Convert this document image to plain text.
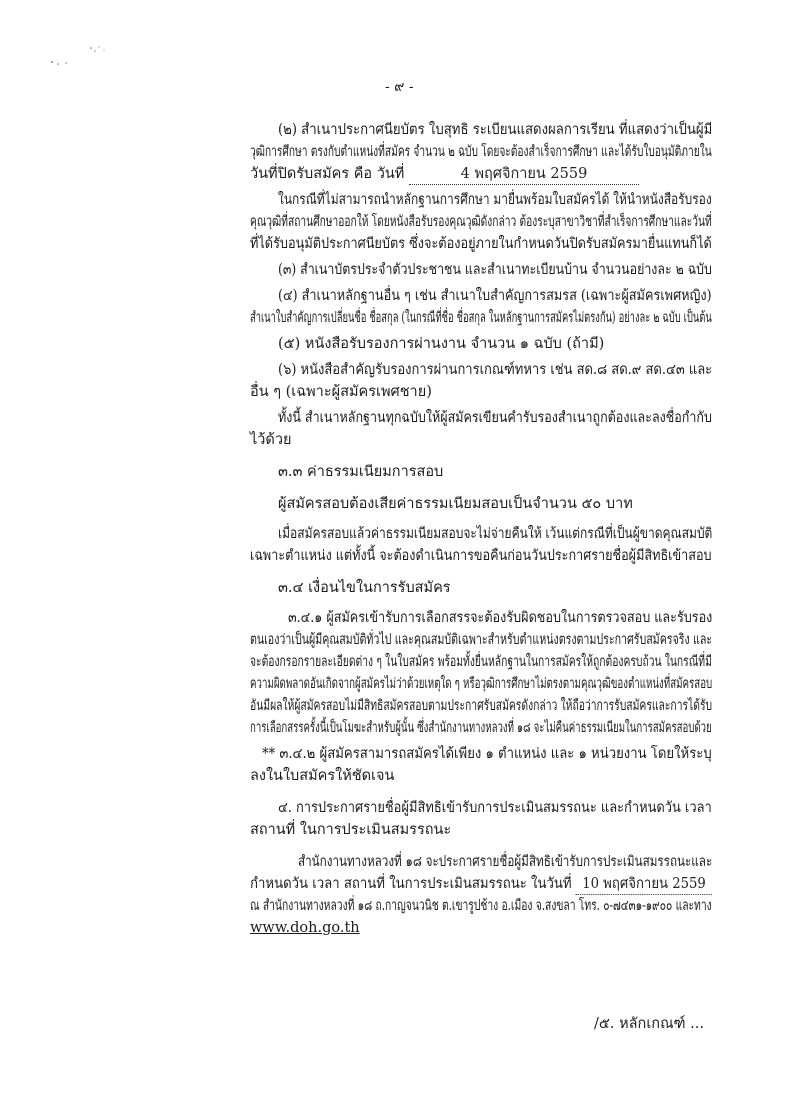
- ๙ -
(๒) สำเนาประกาศนียบัตร ใบสุทธิ ระเบียนแสดงผลการเรียน ที่แสดงว่าเป็นผู้มี
วุฒิการศึกษา ตรงกับตำแหน่งที่สมัคร จำนวน ๒ ฉบับ โดยจะต้องสำเร็จการศึกษา และได้รับใบอนุมัติภายใน
วันที่ปิดรับสมัคร คือ วันที่	4 พฤศจิกายน 2559
ในกรณีที่ไม่สามารถนำหลักฐานการศึกษา มายื่นพร้อมใบสมัครได้ ให้นำหนังสือรับรอง
คุณวุฒิที่สถานศึกษาออกให้ โดยหนังสือรับรองคุณวุฒิดังกล่าว ต้องระบุสาขาวิชาที่สำเร็จการศึกษาและวันที่
ที่ได้รับอนุมัติประกาศนียบัตร ซึ่งจะต้องอยู่ภายในกำหนดวันปิดรับสมัครมายื่นแทนก็ได้
(๓) สำเนาบัตรประจำตัวประชาชน และสำเนาทะเบียนบ้าน จำนวนอย่างละ ๒ ฉบับ
(๔) สำเนาหลักฐานอื่น ๆ เช่น สำเนาใบสำคัญการสมรส (เฉพาะผู้สมัครเพศหญิง)
สำเนาใบสำคัญการเปลี่ยนชื่อ ชื่อสกุล (ในกรณีที่ชื่อ ชื่อสกุล ในหลักฐานการสมัครไม่ตรงกัน) อย่างละ ๒ ฉบับ เป็นต้น
(๕) หนังสือรับรองการผ่านงาน จำนวน ๑ ฉบับ (ถ้ามี)
(๖) หนังสือสำคัญรับรองการผ่านการเกณฑ์ทหาร เช่น สด.๘ สด.๙ สด.๔๓ และ
อื่น ๆ (เฉพาะผู้สมัครเพศชาย)
ทั้งนี้ สำเนาหลักฐานทุกฉบับให้ผู้สมัครเขียนคำรับรองสำเนาถูกต้องและลงชื่อกำกับ
ไว้ด้วย
๓.๓ ค่าธรรมเนียมการสอบ
ผู้สมัครสอบต้องเสียค่าธรรมเนียมสอบเป็นจำนวน ๕๐ บาท
เมื่อสมัครสอบแล้วค่าธรรมเนียมสอบจะไม่จ่ายคืนให้ เว้นแต่กรณีที่เป็นผู้ขาดคุณสมบัติ
เฉพาะตำแหน่ง แต่ทั้งนี้ จะต้องดำเนินการขอคืนก่อนวันประกาศรายชื่อผู้มีสิทธิเข้าสอบ
๓.๔ เงื่อนไขในการรับสมัคร
๓.๔.๑ ผู้สมัครเข้ารับการเลือกสรรจะต้องรับผิดชอบในการตรวจสอบ และรับรอง
ตนเองว่าเป็นผู้มีคุณสมบัติทั่วไป และคุณสมบัติเฉพาะสำหรับตำแหน่งตรงตามประกาศรับสมัครจริง และ
จะต้องกรอกรายละเอียดต่าง ๆ ในใบสมัคร พร้อมทั้งยื่นหลักฐานในการสมัครให้ถูกต้องครบถ้วน ในกรณีที่มี
ความผิดพลาดอันเกิดจากผู้สมัครไม่ว่าด้วยเหตุใด ๆ หรือวุฒิการศึกษาไม่ตรงตามคุณวุฒิของตำแหน่งที่สมัครสอบ
อันมีผลให้ผู้สมัครสอบไม่มีสิทธิสมัครสอบตามประกาศรับสมัครดังกล่าว ให้ถือว่าการรับสมัครและการได้รับ
การเลือกสรรครั้งนี้เป็นโมฆะสำหรับผู้นั้น ซึ่งสำนักงานทางหลวงที่ ๑๘ จะไม่คืนค่าธรรมเนียมในการสมัครสอบด้วย
** ๓.๔.๒ ผู้สมัครสามารถสมัครได้เพียง ๑ ตำแหน่ง และ ๑ หน่วยงาน โดยให้ระบุ
ลงในใบสมัครให้ชัดเจน
๔. การประกาศรายชื่อผู้มีสิทธิเข้ารับการประเมินสมรรถนะ และกำหนดวัน เวลา
สถานที่ ในการประเมินสมรรถนะ
สำนักงานทางหลวงที่ ๑๘ จะประกาศรายชื่อผู้มีสิทธิเข้ารับการประเมินสมรรถนะและ
กำหนดวัน เวลา สถานที่ ในการประเมินสมรรถนะ ในวันที่ 10 พฤศจิกายน 2559
ณ สำนักงานทางหลวงที่ ๑๘ ถ.กาญจนวนิช ต.เขารูปช้าง อ.เมือง จ.สงขลา โทร. ๐-๗๔๓๑-๑๙๐๐ และทาง
www.doh.go.th
/๕. หลักเกณฑ์ ...
